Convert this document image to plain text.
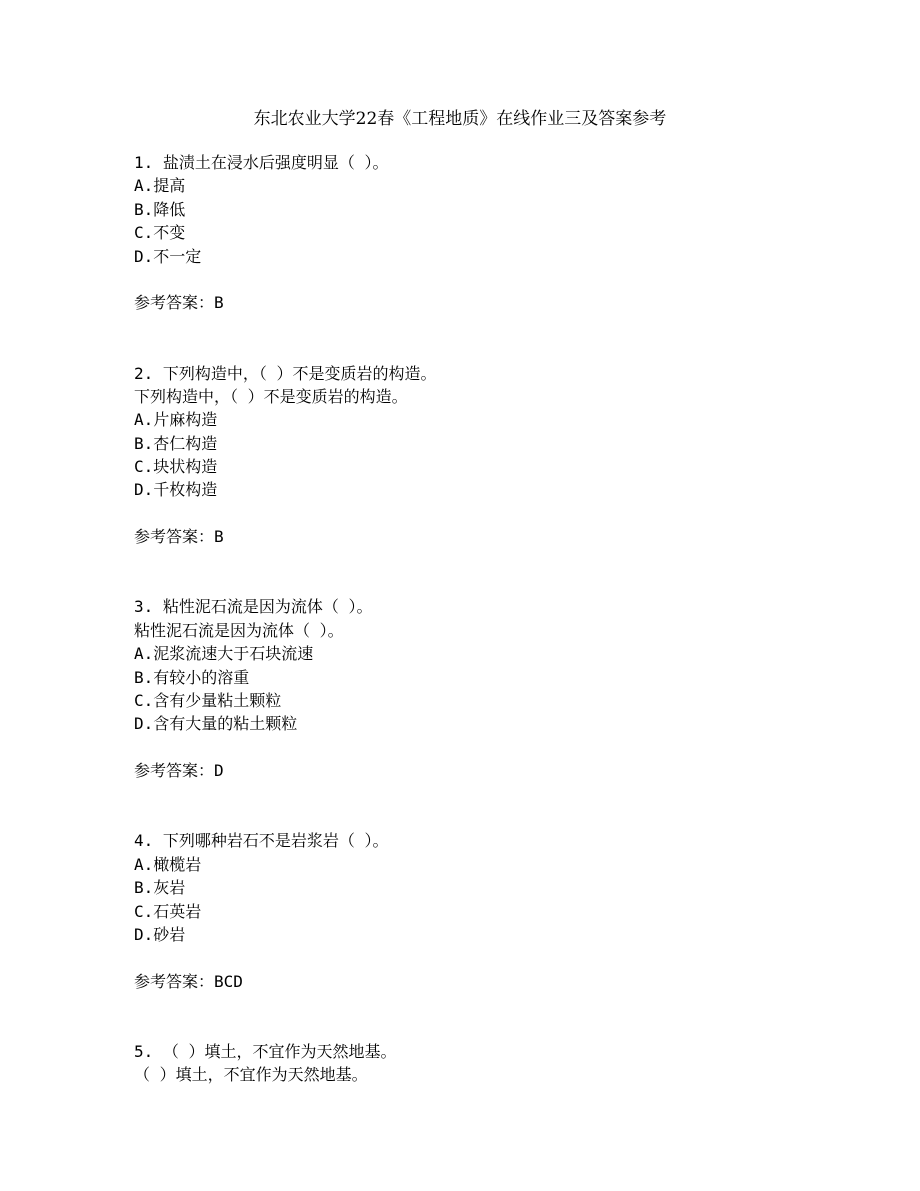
东北农业大学22春《工程地质》在线作业三及答案参考
1. 盐渍土在浸水后强度明显（ ）。
A.提高
B.降低
C.不变
D.不一定
参考答案：B
2. 下列构造中，（ ）不是变质岩的构造。
下列构造中，（ ）不是变质岩的构造。
A.片麻构造
B.杏仁构造
C.块状构造
D.千枚构造
参考答案：B
3. 粘性泥石流是因为流体（ ）。
粘性泥石流是因为流体（ ）。
A.泥浆流速大于石块流速
B.有较小的溶重
C.含有少量粘土颗粒
D.含有大量的粘土颗粒
参考答案：D
4. 下列哪种岩石不是岩浆岩（ ）。
A.橄榄岩
B.灰岩
C.石英岩
D.砂岩
参考答案：BCD
5. （ ）填土，不宜作为天然地基。
（ ）填土，不宜作为天然地基。
